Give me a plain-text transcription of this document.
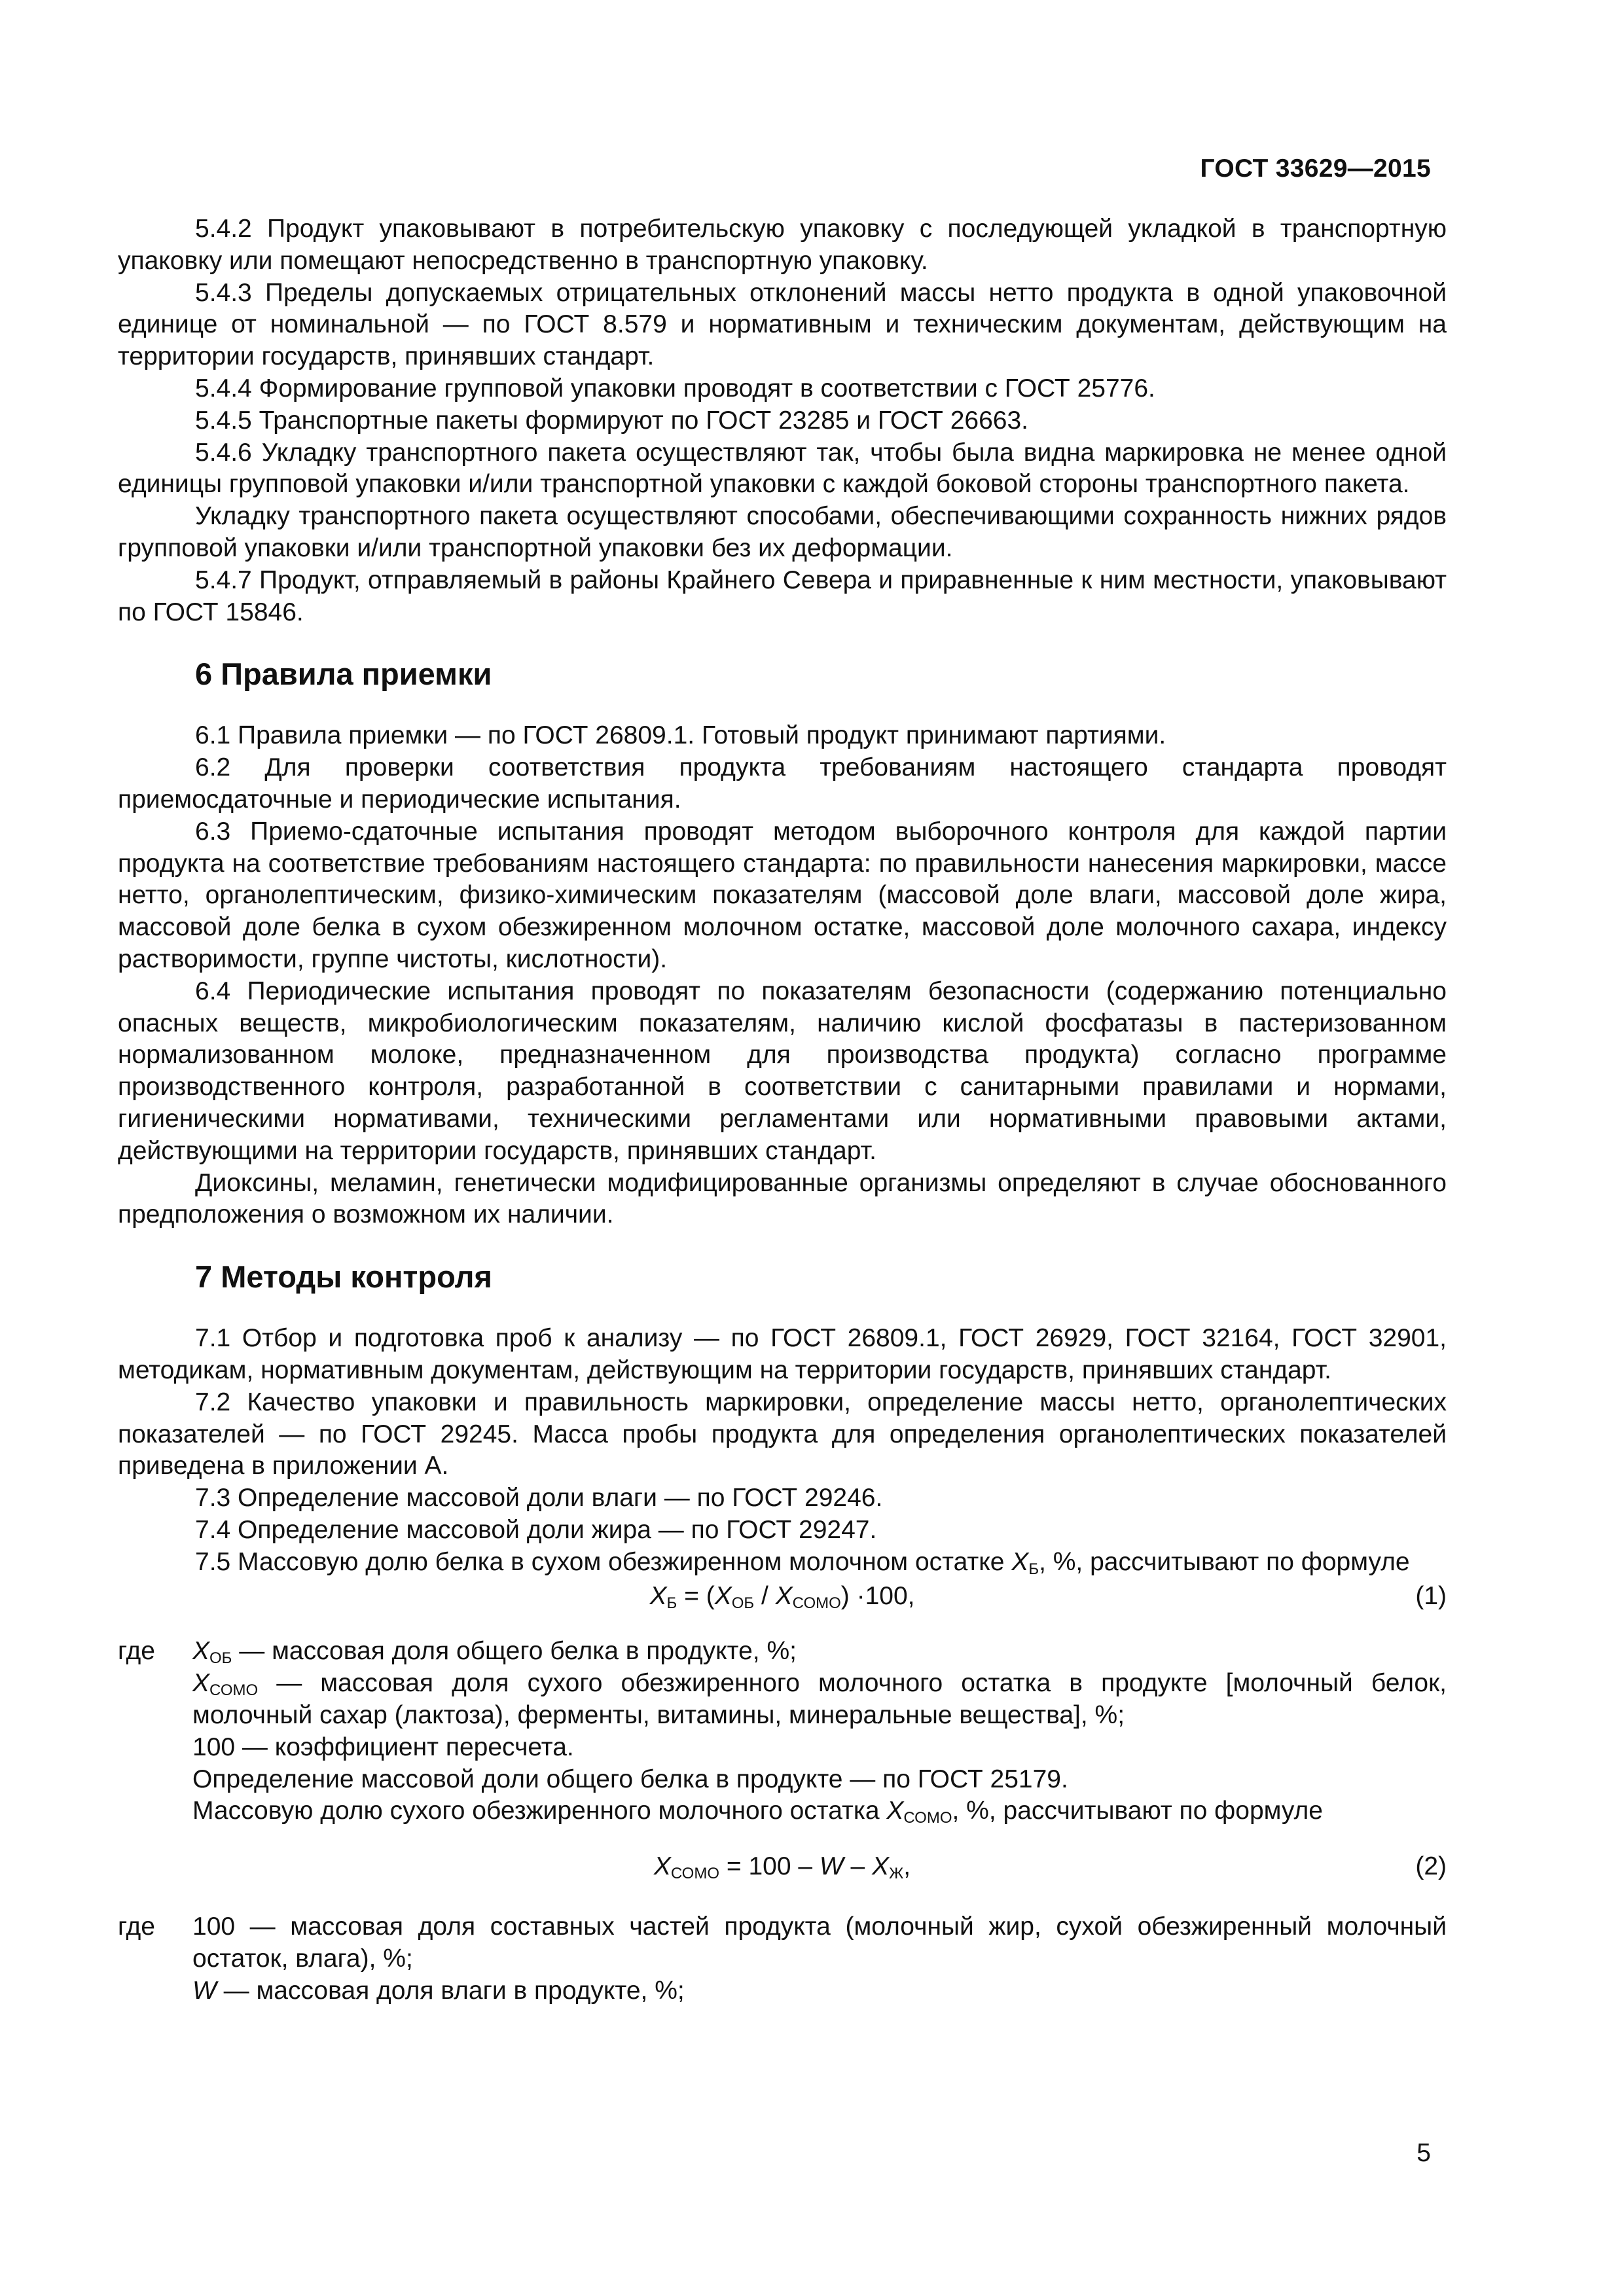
ГОСТ 33629—2015

5.4.2 Продукт упаковывают в потребительскую упаковку с последующей укладкой в транспортную упаковку или помещают непосредственно в транспортную упаковку.

5.4.3 Пределы допускаемых отрицательных отклонений массы нетто продукта в одной упаковочной единице от номинальной — по ГОСТ 8.579 и нормативным и техническим документам, действующим на территории государств, принявших стандарт.

5.4.4 Формирование групповой упаковки проводят в соответствии с ГОСТ 25776.

5.4.5 Транспортные пакеты формируют по ГОСТ 23285 и ГОСТ 26663.

5.4.6 Укладку транспортного пакета осуществляют так, чтобы была видна маркировка не менее одной единицы групповой упаковки и/или транспортной упаковки с каждой боковой стороны транспортного пакета.

Укладку транспортного пакета осуществляют способами, обеспечивающими сохранность нижних рядов групповой упаковки и/или транспортной упаковки без их деформации.

5.4.7 Продукт, отправляемый в районы Крайнего Севера и приравненные к ним местности, упаковывают по ГОСТ 15846.

6 Правила приемки

6.1 Правила приемки — по ГОСТ 26809.1. Готовый продукт принимают партиями.

6.2 Для проверки соответствия продукта требованиям настоящего стандарта проводят приемосдаточные и периодические испытания.

6.3 Приемо-сдаточные испытания проводят методом выборочного контроля для каждой партии продукта на соответствие требованиям настоящего стандарта: по правильности нанесения маркировки, массе нетто, органолептическим, физико-химическим показателям (массовой доле влаги, массовой доле жира, массовой доле белка в сухом обезжиренном молочном остатке, массовой доле молочного сахара, индексу растворимости, группе чистоты, кислотности).

6.4 Периодические испытания проводят по показателям безопасности (содержанию потенциально опасных веществ, микробиологическим показателям, наличию кислой фосфатазы в пастеризованном нормализованном молоке, предназначенном для производства продукта) согласно программе производственного контроля, разработанной в соответствии с санитарными правилами и нормами, гигиеническими нормативами, техническими регламентами или нормативными правовыми актами, действующими на территории государств, принявших стандарт.

Диоксины, меламин, генетически модифицированные организмы определяют в случае обоснованного предположения о возможном их наличии.

7 Методы контроля

7.1 Отбор и подготовка проб к анализу — по ГОСТ 26809.1, ГОСТ 26929, ГОСТ 32164, ГОСТ 32901, методикам, нормативным документам, действующим на территории государств, принявших стандарт.

7.2 Качество упаковки и правильность маркировки, определение массы нетто, органолептических показателей — по ГОСТ 29245. Масса пробы продукта для определения органолептических показателей приведена в приложении А.

7.3 Определение массовой доли влаги — по ГОСТ 29246.

7.4 Определение массовой доли жира — по ГОСТ 29247.

7.5 Массовую долю белка в сухом обезжиренном молочном остатке $X_Б$, %, рассчитывают по формуле

$X_Б = (X_{ОБ} / X_{СОМО}) \cdot 100$,	(1)
где $X_{ОБ}$ — массовая доля общего белка в продукте, %;

$X_{СОМО}$ — массовая доля сухого обезжиренного молочного остатка в продукте [молочный белок, молочный сахар (лактоза), ферменты, витамины, минеральные вещества], %;

100 — коэффициент пересчета.

Определение массовой доли общего белка в продукте — по ГОСТ 25179.

Массовую долю сухого обезжиренного молочного остатка $X_{СОМО}$, %, рассчитывают по формуле

$X_{СОМО} = 100 - W - X_Ж$,	(2)
где 100 — массовая доля составных частей продукта (молочный жир, сухой обезжиренный молочный остаток, влага), %;

W — массовая доля влаги в продукте, %;

5
